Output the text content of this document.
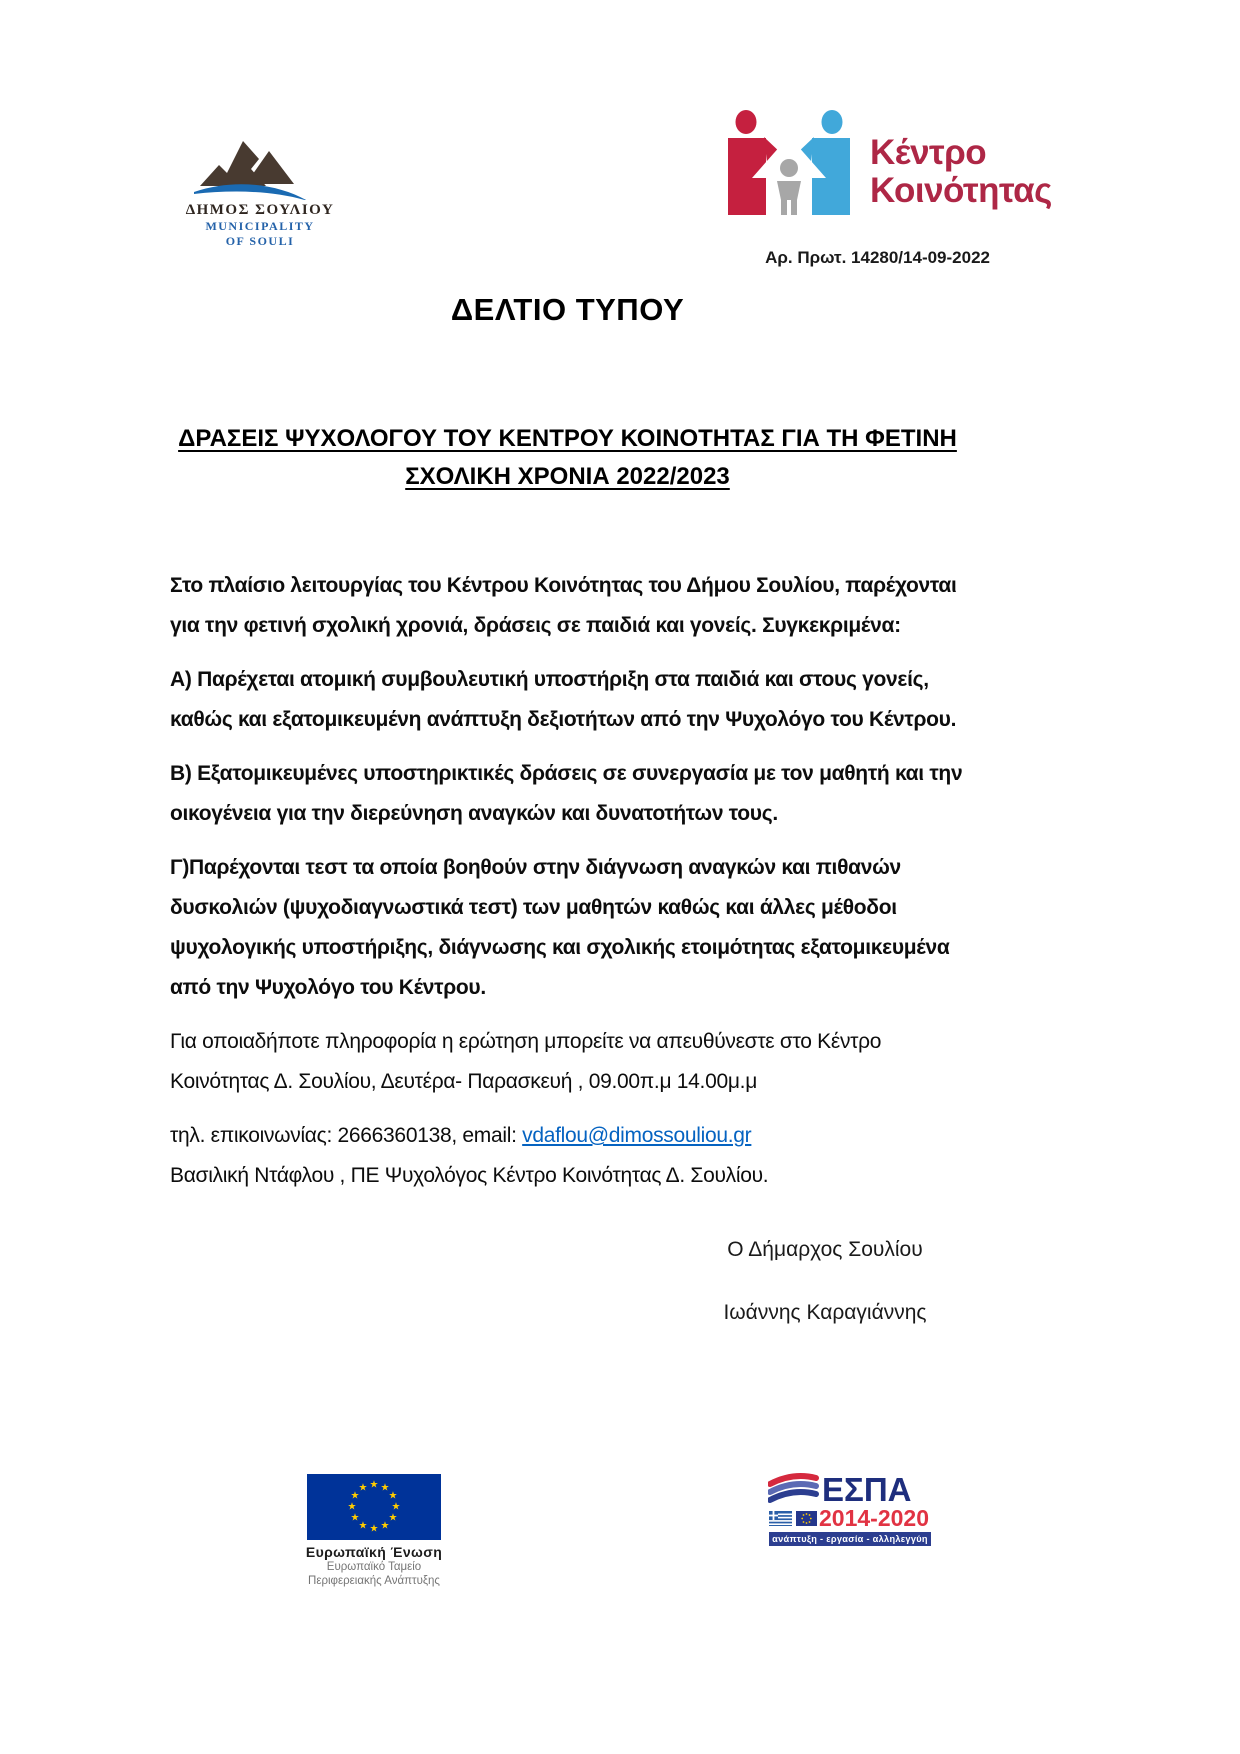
ΔΗΜΟΣ ΣΟΥΛΙΟΥ
MUNICIPALITY
OF SOULI
Κέντρο
Κοινότητας
Αρ. Πρωτ. 14280/14-09-2022
ΔΕΛΤΙΟ ΤΥΠΟΥ
ΔΡΑΣΕΙΣ ΨΥΧΟΛΟΓΟΥ ΤΟΥ ΚΕΝΤΡΟΥ ΚΟΙΝΟΤΗΤΑΣ ΓΙΑ ΤΗ ΦΕΤΙΝΗ
ΣΧΟΛΙΚΗ ΧΡΟΝΙΑ 2022/2023

Στο πλαίσιο λειτουργίας του Κέντρου Κοινότητας του Δήμου Σουλίου, παρέχονται για την φετινή σχολική χρονιά, δράσεις σε παιδιά και γονείς. Συγκεκριμένα:

Α) Παρέχεται ατομική συμβουλευτική υποστήριξη στα παιδιά και στους γονείς, καθώς και εξατομικευμένη ανάπτυξη δεξιοτήτων από την Ψυχολόγο του Κέντρου.

Β) Εξατομικευμένες υποστηρικτικές δράσεις σε συνεργασία με τον μαθητή και την οικογένεια για την διερεύνηση αναγκών και δυνατοτήτων τους.

Γ)Παρέχονται τεστ τα οποία βοηθούν στην διάγνωση αναγκών και πιθανών δυσκολιών (ψυχοδιαγνωστικά τεστ) των μαθητών καθώς και άλλες μέθοδοι ψυχολογικής υποστήριξης, διάγνωσης και σχολικής ετοιμότητας εξατομικευμένα από την Ψυχολόγο του Κέντρου.

Για οποιαδήποτε πληροφορία η ερώτηση μπορείτε να απευθύνεστε στο Κέντρο Κοινότητας Δ. Σουλίου, Δευτέρα- Παρασκευή , 09.00π.μ 14.00μ.μ

τηλ. επικοινωνίας: 2666360138, email: vdaflou@dimossouliou.gr
Βασιλική Ντάφλου , ΠΕ Ψυχολόγος Κέντρο Κοινότητας Δ. Σουλίου.

Ο Δήμαρχος Σουλίου
Ιωάννης Καραγιάννης
★ ★
★
★
★
★
★
★
★
★
★
★
Ευρωπαϊκή Ένωση
Ευρωπαϊκό Ταμείο
Περιφερειακής Ανάπτυξης
ΕΣΠΑ
2014-2020
ανάπτυξη - εργασία - αλληλεγγύη
